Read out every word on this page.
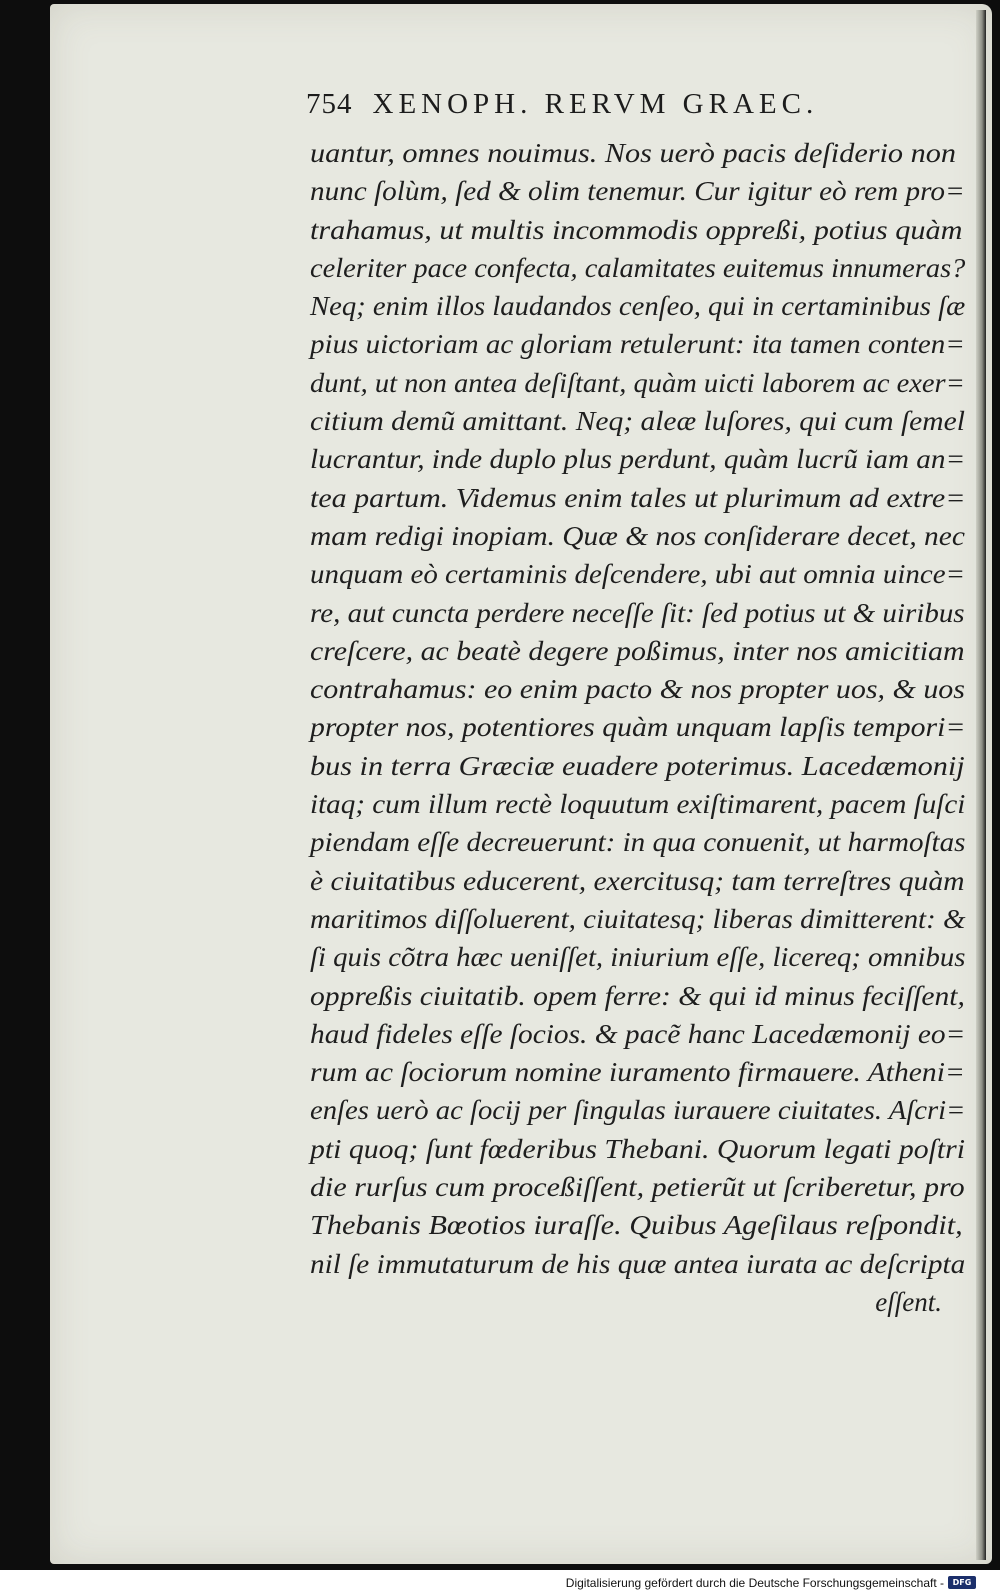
754 XENOPH. RERVM GRAEC.
uantur, omnes nouimus. Nos uerò pacis deſiderio non
nunc ſolùm, ſed & olim tenemur. Cur igitur eò rem pro=
trahamus, ut multis incommodis oppreßi, potius quàm
celeriter pace confecta, calamitates euitemus innumeras?
Neq; enim illos laudandos cenſeo, qui in certaminibus ſæ
pius uictoriam ac gloriam retulerunt: ita tamen conten=
dunt, ut non antea deſiſtant, quàm uicti laborem ac exer=
citium demũ amittant. Neq; aleæ luſores, qui cum ſemel
lucrantur, inde duplo plus perdunt, quàm lucrũ iam an=
tea partum. Videmus enim tales ut plurimum ad extre=
mam redigi inopiam. Quæ & nos conſiderare decet, nec
unquam eò certaminis deſcendere, ubi aut omnia uince=
re, aut cuncta perdere neceſſe ſit: ſed potius ut & uiribus
creſcere, ac beatè degere poßimus, inter nos amicitiam
contrahamus: eo enim pacto & nos propter uos, & uos
propter nos, potentiores quàm unquam lapſis tempori=
bus in terra Græciæ euadere poterimus. Lacedæmonij
itaq; cum illum rectè loquutum exiſtimarent, pacem ſuſci
piendam eſſe decreuerunt: in qua conuenit, ut harmoſtas
è ciuitatibus educerent, exercitusq; tam terreſtres quàm
maritimos diſſoluerent, ciuitatesq; liberas dimitterent: &
ſi quis cõtra hæc ueniſſet, iniurium eſſe, licereq; omnibus
oppreßis ciuitatib. opem ferre: & qui id minus feciſſent,
haud fideles eſſe ſocios. & pacẽ hanc Lacedæmonij eo=
rum ac ſociorum nomine iuramento firmauere. Atheni=
enſes uerò ac ſocij per ſingulas iurauere ciuitates. Aſcri=
pti quoq; ſunt fœderibus Thebani. Quorum legati poſtri
die rurſus cum proceßiſſent, petierũt ut ſcriberetur, pro
Thebanis Bœotios iuraſſe. Quibus Ageſilaus reſpondit,
nil ſe immutaturum de his quæ antea iurata ac deſcripta
eſſent.
Digitalisierung gefördert durch die Deutsche Forschungsgemeinschaft -	DFG
